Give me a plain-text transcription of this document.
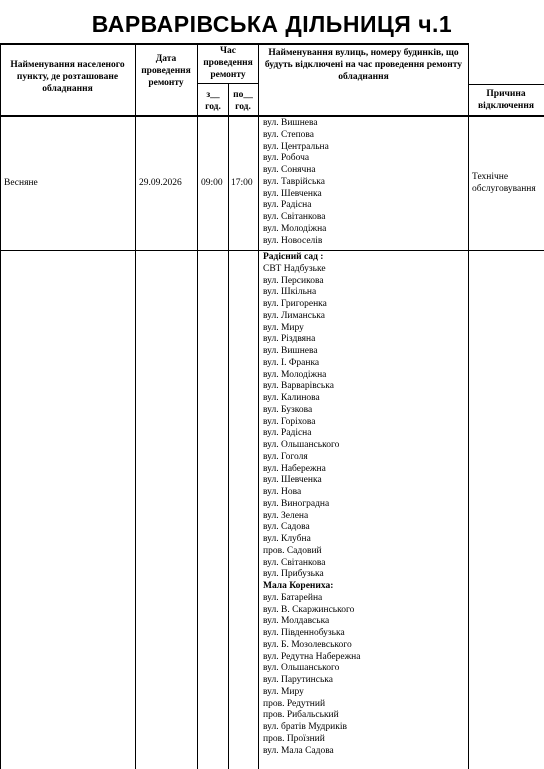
ВАРВАРІВСЬКА ДІЛЬНИЦЯ ч.1
Найменування населеного пункту, де розташоване обладнання
Дата проведення ремонту
Час проведення ремонту
з__ год.
по__ год.
Найменування вулиць, номеру будинків, що будуть відключені на час проведення ремонту обладнання
Причина відключення
Весняне	29.09.2026 09:00 17:00
Технічне обслуговування
вул. Вишнева
вул. Степова
вул. Центральна
вул. Робоча
вул. Сонячна
вул. Таврійська
вул. Шевченка
вул. Радісна
вул. Світанкова
вул. Молодіжна
вул. Новоселів
Радісний сад :
СВТ Надбузьке
вул. Персикова
вул. Шкільна
вул. Григоренка
вул. Лиманська
вул. Миру
вул. Різдвяна
вул. Вишнева
вул. І. Франка
вул. Молодіжна
вул. Варварівська
вул. Калинова
вул. Бузкова
вул. Горіхова
вул. Радісна
вул. Ольшанського
вул. Гоголя
вул. Набережна
вул. Шевченка
вул. Нова
вул. Виноградна
вул. Зелена
вул. Садова
вул. Клубна
пров. Садовий
вул. Світанкова
вул. Прибузька
Мала Корениха:
вул. Батарейна
вул. В. Скаржинського
вул. Молдавська
вул. Південнобузька
вул. Б. Мозолевського
вул. Редутна Набережна
вул. Ольшанського
вул. Парутинська
вул. Миру
пров. Редутний
пров. Рибальський
вул. братів Мудриків
пров. Проїзний
вул. Мала Садова
